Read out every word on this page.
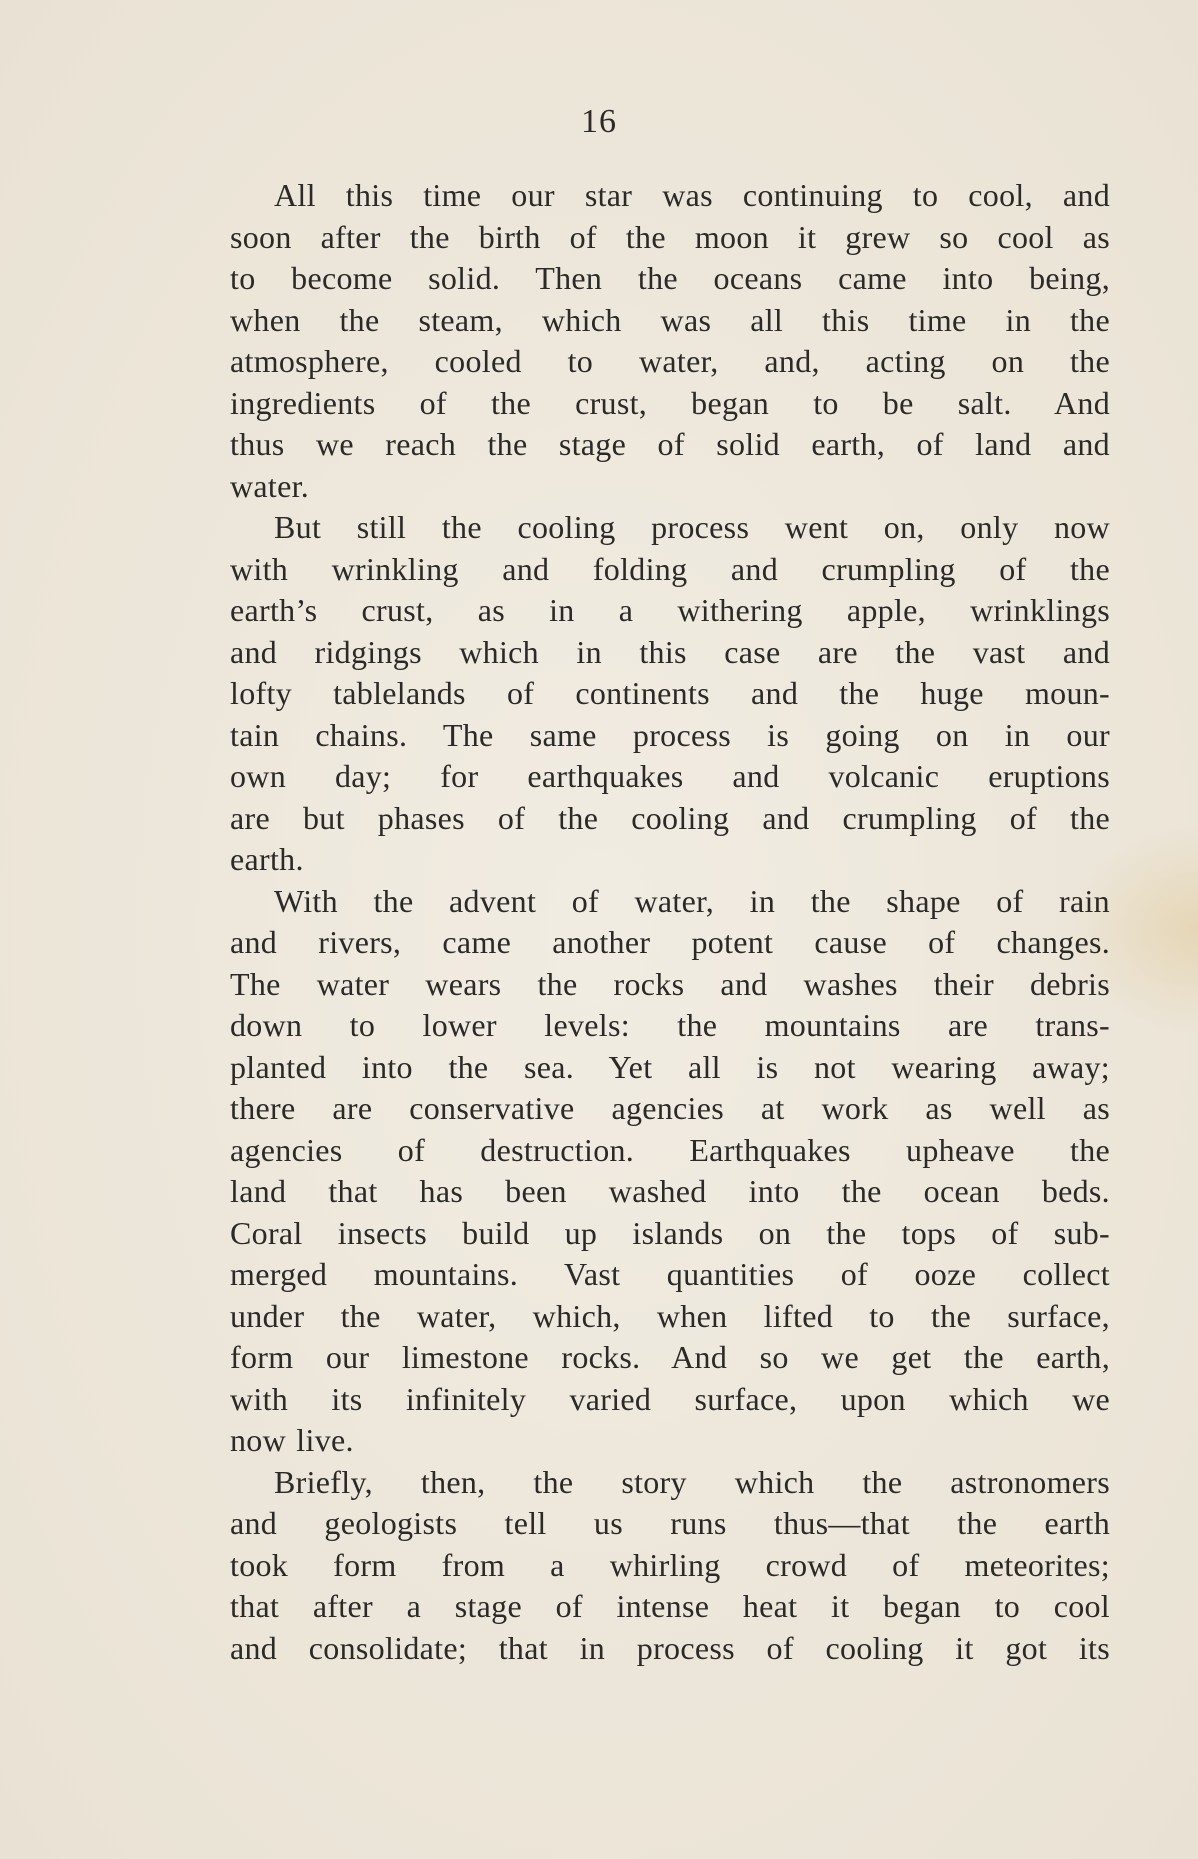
16
All this time our star was continuing to cool, and
soon after the birth of the moon it grew so cool as
to become solid. Then the oceans came into being,
when the steam, which was all this time in the
atmosphere, cooled to water, and, acting on the
ingredients of the crust, began to be salt. And
thus we reach the stage of solid earth, of land and
water.
But still the cooling process went on, only now
with wrinkling and folding and crumpling of the
earth’s crust, as in a withering apple, wrinklings
and ridgings which in this case are the vast and
lofty tablelands of continents and the huge moun-
tain chains. The same process is going on in our
own day; for earthquakes and volcanic eruptions
are but phases of the cooling and crumpling of the
earth.
With the advent of water, in the shape of rain
and rivers, came another potent cause of changes.
The water wears the rocks and washes their debris
down to lower levels: the mountains are trans-
planted into the sea. Yet all is not wearing away;
there are conservative agencies at work as well as
agencies of destruction. Earthquakes upheave the
land that has been washed into the ocean beds.
Coral insects build up islands on the tops of sub-
merged mountains. Vast quantities of ooze collect
under the water, which, when lifted to the surface,
form our limestone rocks. And so we get the earth,
with its infinitely varied surface, upon which we
now live.
Briefly, then, the story which the astronomers
and geologists tell us runs thus—that the earth
took form from a whirling crowd of meteorites;
that after a stage of intense heat it began to cool
and consolidate; that in process of cooling it got its
